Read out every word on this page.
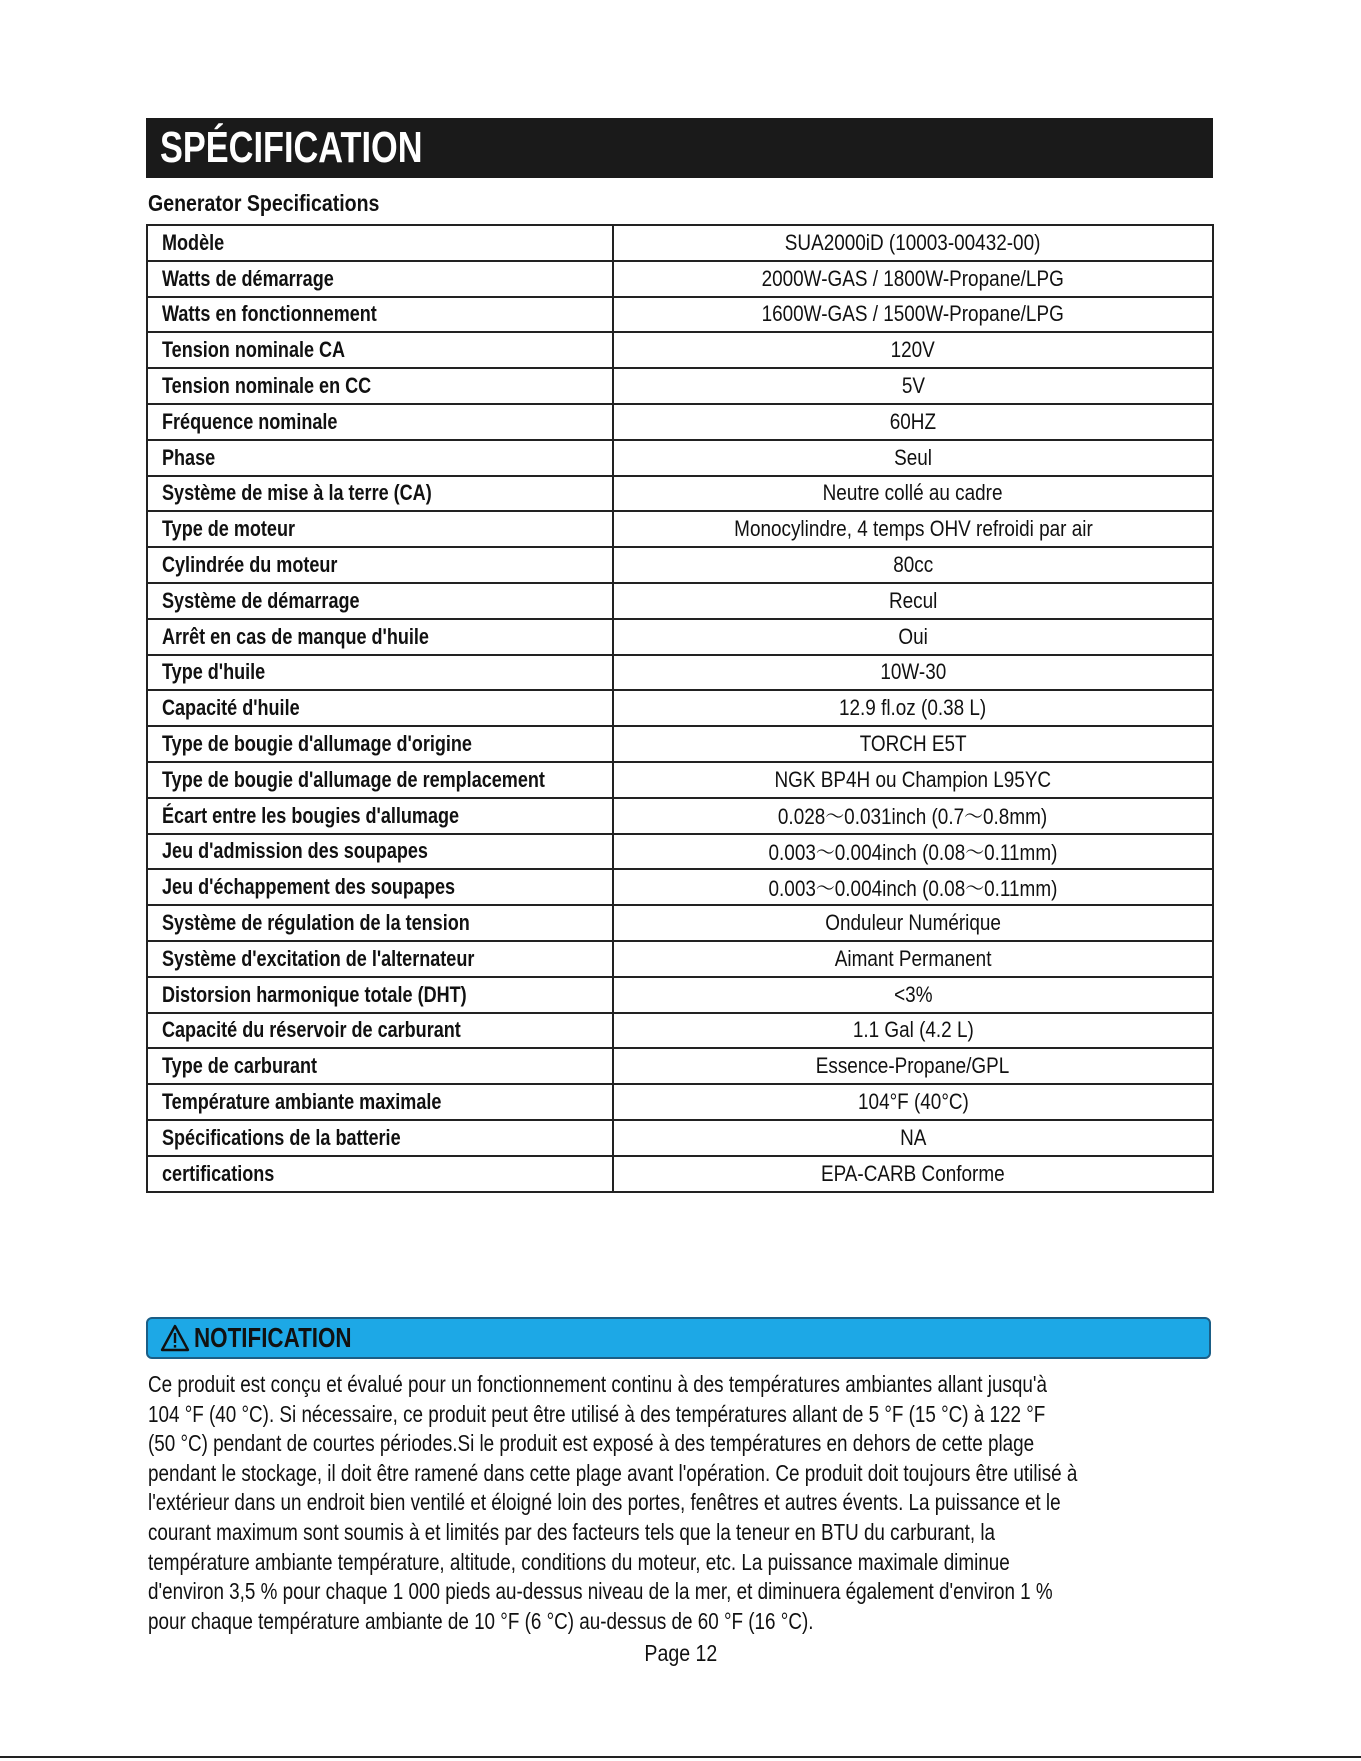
SPÉCIFICATION
Generator Specifications
Modèle	SUA2000iD (10003-00432-00)
Watts de démarrage	2000W-GAS / 1800W-Propane/LPG
Watts en fonctionnement	1600W-GAS / 1500W-Propane/LPG
Tension nominale CA	120V
Tension nominale en CC	5V
Fréquence nominale	60HZ
Phase	Seul
Système de mise à la terre (CA)	Neutre collé au cadre
Type de moteur	Monocylindre, 4 temps OHV refroidi par air
Cylindrée du moteur	80cc
Système de démarrage	Recul
Arrêt en cas de manque d'huile	Oui
Type d'huile	10W-30
Capacité d'huile	12.9 fl.oz (0.38 L)
Type de bougie d'allumage d'origine	TORCH E5T
Type de bougie d'allumage de remplacement	NGK BP4H ou Champion L95YC
Écart entre les bougies d'allumage	0.028～0.031inch (0.7～0.8mm)
Jeu d'admission des soupapes	0.003～0.004inch (0.08～0.11mm)
Jeu d'échappement des soupapes	0.003～0.004inch (0.08～0.11mm)
Système de régulation de la tension	Onduleur Numérique
Système d'excitation de l'alternateur	Aimant Permanent
Distorsion harmonique totale (DHT)	<3%
Capacité du réservoir de carburant	1.1 Gal (4.2 L)
Type de carburant	Essence-Propane/GPL
Température ambiante maximale	104°F (40°C)
Spécifications de la batterie	NA
certifications	EPA-CARB Conforme
NOTIFICATION
Ce produit est conçu et évalué pour un fonctionnement continu à des températures ambiantes allant jusqu'à
104 °F (40 °C). Si nécessaire, ce produit peut être utilisé à des températures allant de 5 °F (15 °C) à 122 °F
(50 °C) pendant de courtes périodes.Si le produit est exposé à des températures en dehors de cette plage
pendant le stockage, il doit être ramené dans cette plage avant l'opération. Ce produit doit toujours être utilisé à
l'extérieur dans un endroit bien ventilé et éloigné loin des portes, fenêtres et autres évents. La puissance et le
courant maximum sont soumis à et limités par des facteurs tels que la teneur en BTU du carburant, la
température ambiante température, altitude, conditions du moteur, etc. La puissance maximale diminue
d'environ 3,5 % pour chaque 1 000 pieds au-dessus niveau de la mer, et diminuera également d'environ 1 %
pour chaque température ambiante de 10 °F (6 °C) au-dessus de 60 °F (16 °C).
Page 12
